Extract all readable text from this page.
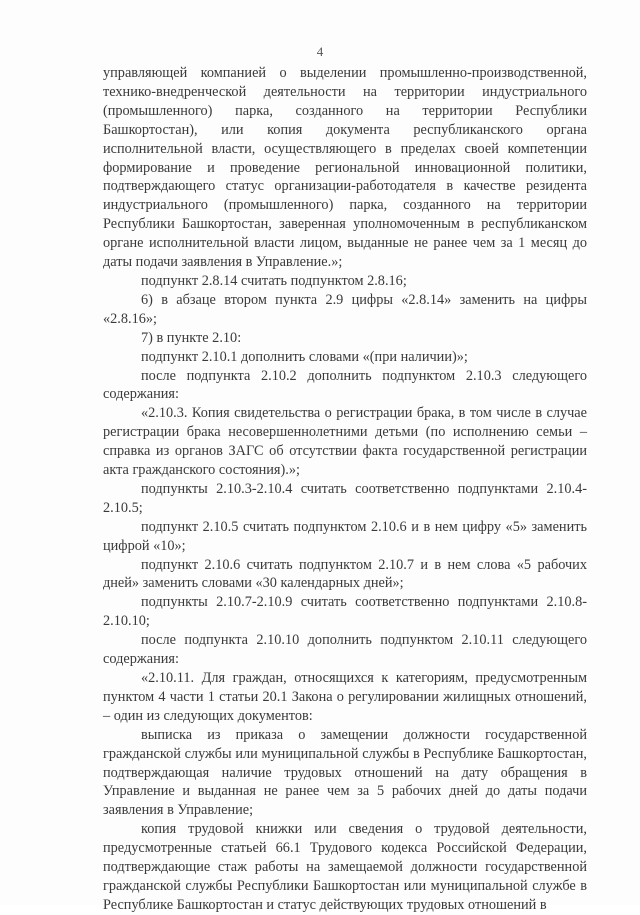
4

управляющей компанией о выделении промышленно-производственной, технико-внедренческой деятельности на территории индустриального (промышленного) парка, созданного на территории Республики Башкортостан), или копия документа республиканского органа исполнительной власти, осуществляющего в пределах своей компетенции формирование и проведение региональной инновационной политики, подтверждающего статус организации-работодателя в качестве резидента индустриального (промышленного) парка, созданного на территории Республики Башкортостан, заверенная уполномоченным в республиканском органе исполнительной власти лицом, выданные не ранее чем за 1 месяц до даты подачи заявления в Управление.»;

подпункт 2.8.14 считать подпунктом 2.8.16;

6) в абзаце втором пункта 2.9 цифры «2.8.14» заменить на цифры «2.8.16»;

7) в пункте 2.10:

подпункт 2.10.1 дополнить словами «(при наличии)»;

после подпункта 2.10.2 дополнить подпунктом 2.10.3 следующего содержания:

«2.10.3. Копия свидетельства о регистрации брака, в том числе в случае регистрации брака несовершеннолетними детьми (по исполнению семьи – справка из органов ЗАГС об отсутствии факта государственной регистрации акта гражданского состояния).»;

подпункты 2.10.3-2.10.4 считать соответственно подпунктами 2.10.4-2.10.5;

подпункт 2.10.5 считать подпунктом 2.10.6 и в нем цифру «5» заменить цифрой «10»;

подпункт 2.10.6 считать подпунктом 2.10.7 и в нем слова «5 рабочих дней» заменить словами «30 календарных дней»;

подпункты 2.10.7-2.10.9 считать соответственно подпунктами 2.10.8-2.10.10;

после подпункта 2.10.10 дополнить подпунктом 2.10.11 следующего содержания:

«2.10.11. Для граждан, относящихся к категориям, предусмотренным пунктом 4 части 1 статьи 20.1 Закона о регулировании жилищных отношений, – один из следующих документов:

выписка из приказа о замещении должности государственной гражданской службы или муниципальной службы в Республике Башкортостан, подтверждающая наличие трудовых отношений на дату обращения в Управление и выданная не ранее чем за 5 рабочих дней до даты подачи заявления в Управление;

копия трудовой книжки или сведения о трудовой деятельности, предусмотренные статьей 66.1 Трудового кодекса Российской Федерации, подтверждающие стаж работы на замещаемой должности государственной гражданской службы Республики Башкортостан или муниципальной службе в Республике Башкортостан и статус действующих трудовых отношений в
